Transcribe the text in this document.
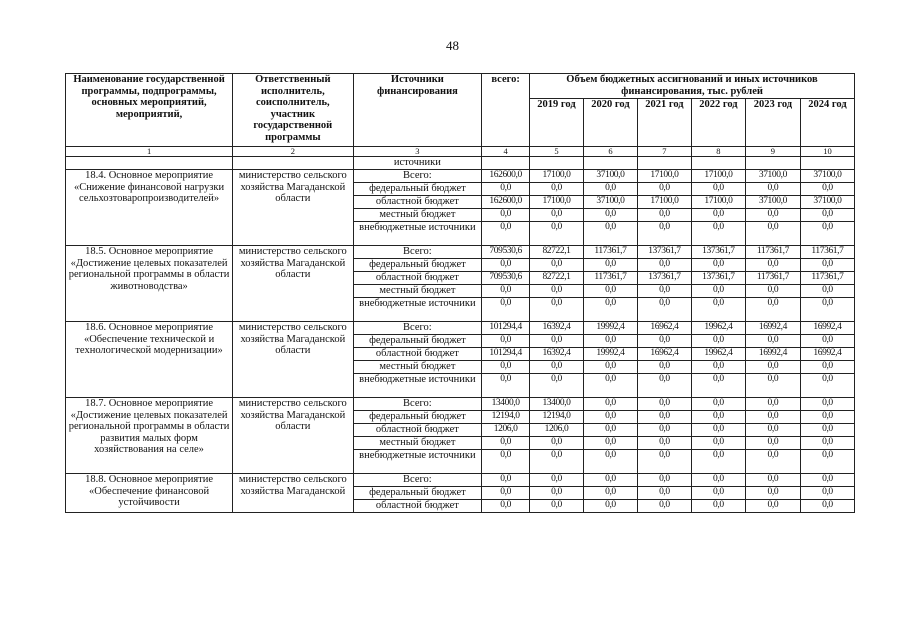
48
Наименование государственной программы, подпрограммы, основных мероприятий, мероприятий,	Ответственный исполнитель, соисполнитель, участник государственной программы	Источники финансирования	всего:	Объем бюджетных ассигнований и иных источников финансирования, тыс. рублей					
				2019 год	2020 год	2021 год	2022 год	2023 год	2024 год
1	2	3	4	5	6	7	8	9	10
		источники							
18.4. Основное мероприятие «Снижение финансовой нагрузки сельхозтоваропроизводителей»	министерство сельского хозяйства Магаданской области	Всего:	162600,0	17100,0	37100,0	17100,0	17100,0	37100,0	37100,0
		федеральный бюджет	0,0	0,0	0,0	0,0	0,0	0,0	0,0
		областной бюджет	162600,0	17100,0	37100,0	17100,0	17100,0	37100,0	37100,0
		местный бюджет	0,0	0,0	0,0	0,0	0,0	0,0	0,0
		внебюджетные источники	0,0	0,0	0,0	0,0	0,0	0,0	0,0
18.5. Основное мероприятие «Достижение целевых показателей региональной программы в области животноводства»	министерство сельского хозяйства Магаданской области	Всего:	709530,6	82722,1	117361,7	137361,7	137361,7	117361,7	117361,7
		федеральный бюджет	0,0	0,0	0,0	0,0	0,0	0,0	0,0
		областной бюджет	709530,6	82722,1	117361,7	137361,7	137361,7	117361,7	117361,7
		местный бюджет	0,0	0,0	0,0	0,0	0,0	0,0	0,0
		внебюджетные источники	0,0	0,0	0,0	0,0	0,0	0,0	0,0
18.6. Основное мероприятие «Обеспечение технической и технологической модернизации»	министерство сельского хозяйства Магаданской области	Всего:	101294,4	16392,4	19992,4	16962,4	19962,4	16992,4	16992,4
		федеральный бюджет	0,0	0,0	0,0	0,0	0,0	0,0	0,0
		областной бюджет	101294,4	16392,4	19992,4	16962,4	19962,4	16992,4	16992,4
		местный бюджет	0,0	0,0	0,0	0,0	0,0	0,0	0,0
		внебюджетные источники	0,0	0,0	0,0	0,0	0,0	0,0	0,0
18.7. Основное мероприятие «Достижение целевых показателей региональной программы в области развития малых форм хозяйствования на селе»	министерство сельского хозяйства Магаданской области	Всего:	13400,0	13400,0	0,0	0,0	0,0	0,0	0,0
		федеральный бюджет	12194,0	12194,0	0,0	0,0	0,0	0,0	0,0
		областной бюджет	1206,0	1206,0	0,0	0,0	0,0	0,0	0,0
		местный бюджет	0,0	0,0	0,0	0,0	0,0	0,0	0,0
		внебюджетные источники	0,0	0,0	0,0	0,0	0,0	0,0	0,0
18.8. Основное мероприятие «Обеспечение финансовой устойчивости	министерство сельского хозяйства Магаданской	Всего:	0,0	0,0	0,0	0,0	0,0	0,0	0,0
		федеральный бюджет	0,0	0,0	0,0	0,0	0,0	0,0	0,0
		областной бюджет	0,0	0,0	0,0	0,0	0,0	0,0	0,0
